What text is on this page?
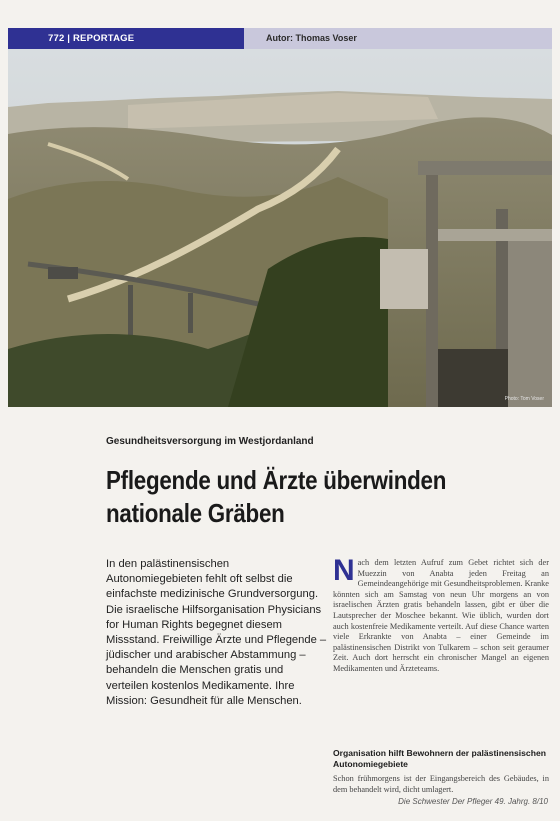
772 | REPORTAGE	Autor: Thomas Voser
Photo: Tom Voser
Gesundheitsversorgung im Westjordanland
Pflegende und Ärzte überwinden nationale Gräben

In den palästinensischen Autonomiegebieten fehlt oft selbst die einfachste medizinische Grundversorgung. Die israelische Hilfsorganisation Physicians for Human Rights begegnet diesem Missstand. Freiwillige Ärzte und Pflegende – jüdischer und arabischer Abstammung – behandeln die Menschen gratis und verteilen kostenlos Medikamente. Ihre Mission: Gesundheit für alle Menschen.

Nach dem letzten Aufruf zum Gebet richtet sich der Muezzin von Anabta jeden Freitag an Gemeindeangehörige mit Gesundheitsproblemen. Kranke könnten sich am Samstag von neun Uhr morgens an von israelischen Ärzten gratis behandeln lassen, gibt er über die Lautsprecher der Moschee bekannt. Wie üblich, wurden dort auch kostenfreie Medikamente verteilt. Auf diese Chance warten viele Erkrankte von Anabta – einer Gemeinde im palästinensischen Distrikt von Tulkarem – schon seit geraumer Zeit. Auch dort herrscht ein chronischer Mangel an eigenen Medikamenten und Ärzteteams.

Organisation hilft Bewohnern der palästinensischen Autonomiegebiete

Schon frühmorgens ist der Eingangsbereich des Gebäudes, in dem behandelt wird, dicht umlagert.

Die Schwester Der Pfleger 49. Jahrg. 8/10
